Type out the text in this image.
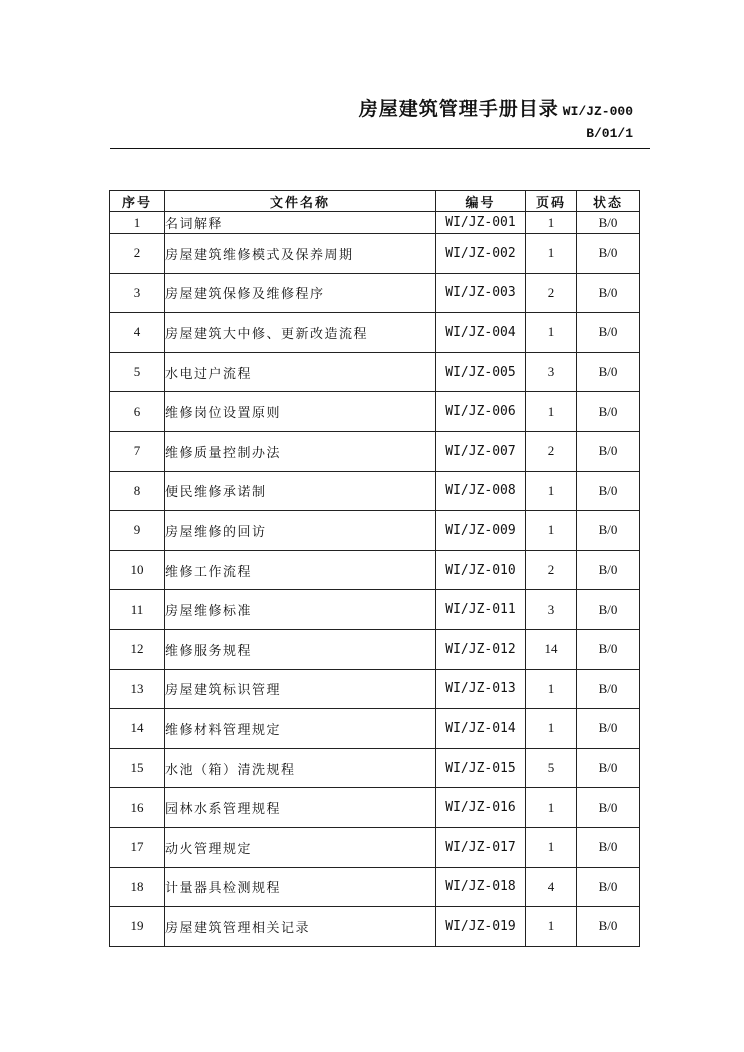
房屋建筑管理手册目录 WI/JZ-000
B/01/1
序号	文件名称	编号	页码	状态
1	名词解释	WI/JZ-001	1	B/0
2	房屋建筑维修模式及保养周期	WI/JZ-002	1	B/0
3	房屋建筑保修及维修程序	WI/JZ-003	2	B/0
4	房屋建筑大中修、更新改造流程	WI/JZ-004	1	B/0
5	水电过户流程	WI/JZ-005	3	B/0
6	维修岗位设置原则	WI/JZ-006	1	B/0
7	维修质量控制办法	WI/JZ-007	2	B/0
8	便民维修承诺制	WI/JZ-008	1	B/0
9	房屋维修的回访	WI/JZ-009	1	B/0
10	维修工作流程	WI/JZ-010	2	B/0
11	房屋维修标准	WI/JZ-011	3	B/0
12	维修服务规程	WI/JZ-012	14	B/0
13	房屋建筑标识管理	WI/JZ-013	1	B/0
14	维修材料管理规定	WI/JZ-014	1	B/0
15	水池（箱）清洗规程	WI/JZ-015	5	B/0
16	园林水系管理规程	WI/JZ-016	1	B/0
17	动火管理规定	WI/JZ-017	1	B/0
18	计量器具检测规程	WI/JZ-018	4	B/0
19	房屋建筑管理相关记录	WI/JZ-019	1	B/0
